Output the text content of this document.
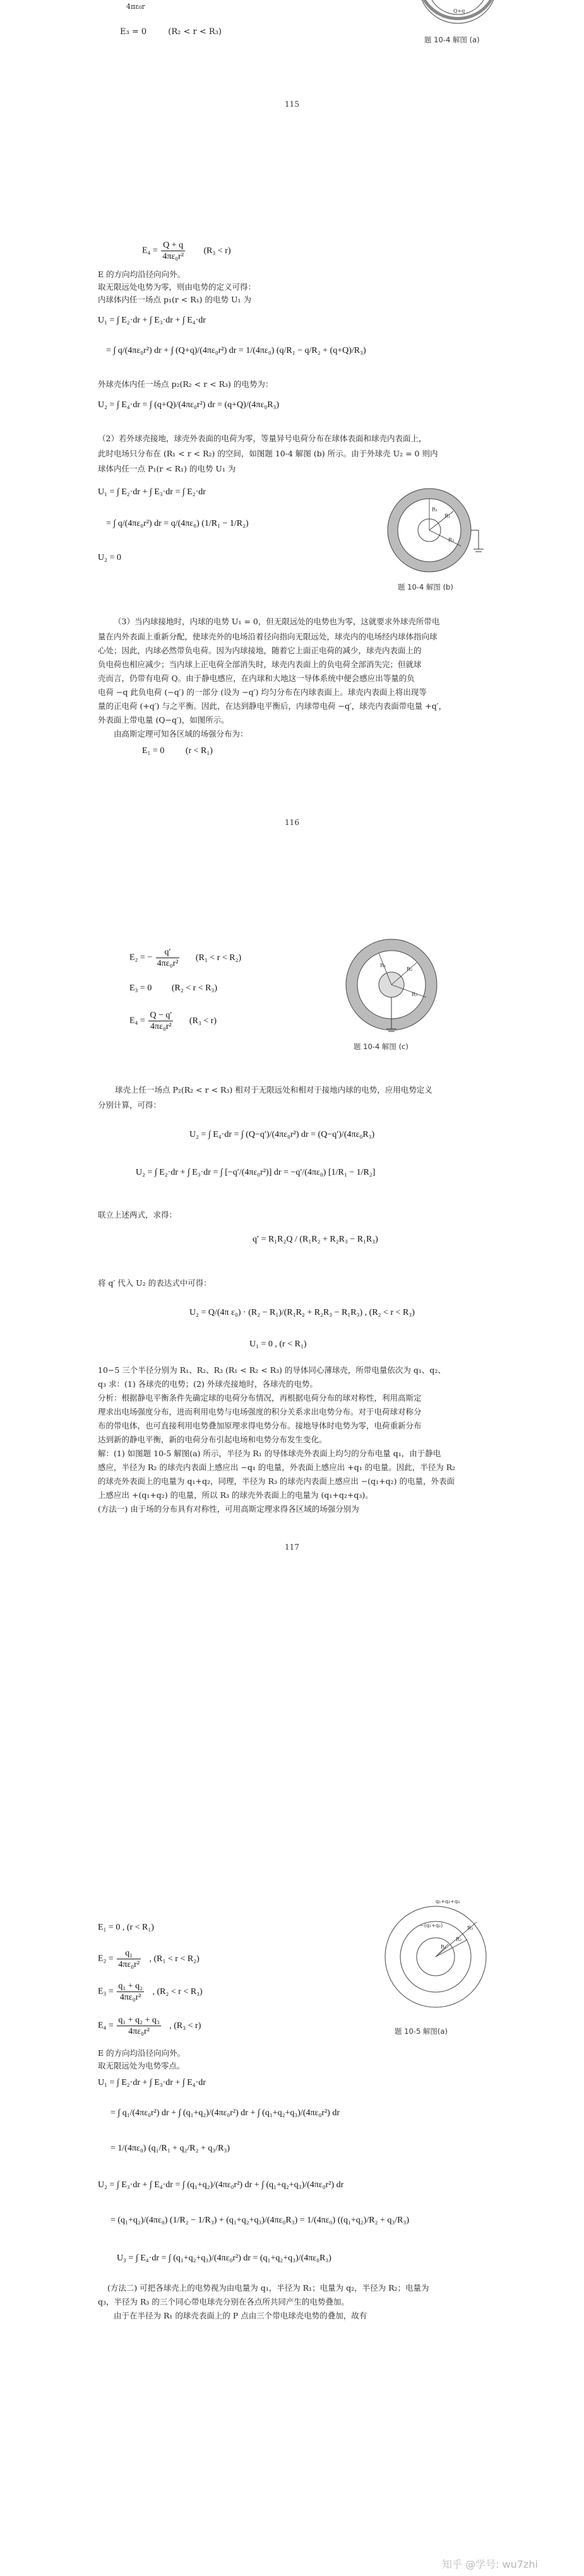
4πε₀r
E₃ = 0	(R₂ < r < R₃)
Q+q
题 10-4 解图 (a)
115
$E_4 = \frac{Q + q}{\text{4πε₀r²}} (R_3 < r)$
E 的方向均沿径向向外。
取无限远处电势为零，则由电势的定义可得：
内球体内任一场点 p₁(r < R₁) 的电势 U₁ 为
U₁ = ∫ E₂·dr + ∫ E₃·dr + ∫ E₄·dr
= ∫ q/(4πε₀r²) dr + ∫ (Q+q)/(4πε₀r²) dr = 1/(4πε₀) (q/R₁ − q/R₂ + (q+Q)/R₃)
外球壳体内任一场点 p₂(R₂ < r < R₃) 的电势为：
U₂ = ∫ E₄·dr = ∫ (q+Q)/(4πε₀r²) dr = (q+Q)/(4πε₀R₃)
（2）若外球壳接地，球壳外表面的电荷为零，等量异号电荷分布在球体表面和球壳内表面上，
此时电场只分布在 (R₁ < r < R₂) 的空间，如图题 10-4 解图 (b) 所示。由于外球壳 U₂ = 0 则内
球体内任一点 P₁(r < R₁) 的电势 U₁ 为
U₁ = ∫ E₂·dr + ∫ E₃·dr = ∫ E₂·dr
= ∫ q/(4πε₀r²) dr = q/(4πε₀) (1/R₁ − 1/R₂)
U₂ = 0
R₁
R₂
R₃
题 10-4 解图 (b)
（3）当内球接地时，内球的电势 U₁ = 0，但无限远处的电势也为零，这就要求外球壳所带电
量在内外表面上重新分配，使球壳外的电场沿着径向指向无限远处，球壳内的电场经内球体指向球
心处；因此，内球必然带负电荷。因为内球接地，随着它上面正电荷的减少，球壳内表面上的
负电荷也相应减少；当内球上正电荷全部消失时，球壳内表面上的负电荷全部消失完；但就球
壳而言，仍带有电荷 Q。由于静电感应，在内球和大地这一导体系统中便会感应出等量的负
电荷 −q 此负电荷 (−q′) 的一部分 (设为 −q′) 均匀分布在内球表面上。球壳内表面上将出现等
量的正电荷 (+q′) 与之平衡。因此，在达到静电平衡后，内球带电荷 −q′，球壳内表面带电量 +q′，
外表面上带电量 (Q−q′)，如图所示。
由高斯定理可知各区域的场强分布为：
E₁ = 0 (r < R₁)
116
E₂ = − $\frac{q'}{\text{4πε₀r²}} (R_1 < r < R_2)$
E₃ = 0 (R₂ < r < R₃)
$E_4 = \frac{Q - q'}{\text{4πε₀r²}} (R_3 < r)$
R₁
R₂
R₃
题 10-4 解图 (c)
球壳上任一场点 P₂(R₂ < r < R₃) 相对于无限远处和相对于接地内球的电势，应用电势定义
分别计算，可得：
U₂ = ∫ E₄·dr = ∫ (Q−q′)/(4πε₀r²) dr = (Q−q′)/(4πε₀R₃)
U₂ = ∫ E₂·dr + ∫ E₃·dr = ∫ [−q′/(4πε₀r²)] dr = −q′/(4πε₀) [1/R₁ − 1/R₂]
联立上述两式，求得：
q′ = R₁R₂Q / (R₁R₂ + R₂R₃ − R₁R₃)
将 q′ 代入 U₂ 的表达式中可得：
U₂ = Q/(4π ε₀) · (R₂ − R₁)/(R₁R₂ + R₂R₃ − R₁R₃) , (R₂ < r < R₃)
U₁ = 0 , (r < R₁)
10−5 三个半径分别为 R₁、R₂、R₃ (R₁ < R₂ < R₃) 的导体同心薄球壳，所带电量依次为 q₁、q₂、
q₃ 求：(1) 各球壳的电势；(2) 外球壳接地时，各球壳的电势。
分析：根据静电平衡条件先确定球的电荷分布情况，再根据电荷分布的球对称性，利用高斯定
理求出电场强度分布，进而利用电势与电场强度的积分关系求出电势分布。对于电荷球对称分
布的带电体，也可直接利用电势叠加原理求得电势分布。接地导体时电势为零，电荷重新分布
达到新的静电平衡，新的电荷分布引起电场和电势分布发生变化。
解：(1) 如图题 10-5 解图(a) 所示，半径为 R₁ 的导体球壳外表面上均匀的分布电量 q₁，由于静电
感应，半径为 R₂ 的球壳内表面上感应出 −q₁ 的电量，外表面上感应出 +q₁ 的电量。因此，半径为 R₂
的球壳外表面上的电量为 q₁+q₂，同理，半径为 R₃ 的球壳内表面上感应出 −(q₁+q₂) 的电量，外表面
上感应出 +(q₁+q₂) 的电量，所以 R₃ 的球壳外表面上的电量为 (q₁+q₂+q₃)。
(方法一) 由于场的分布具有对称性，可用高斯定理求得各区域的场强分别为
117
E₁ = 0 , (r < R₁)
$E_2 = \frac{\text{q₁}}{\text{4πε₀r²}}$ , (R₁ < r < R₂)
$E_3 = \frac{\text{q₁ + q₂}}{\text{4πε₀r²}}$ , (R₂ < r < R₃)
$E_4 = \frac{\text{q₁ + q₂ + q₃}}{\text{4πε₀r²}}$ , (R₃ < r)
R₁
R₂
R₃
q₁+q₂+q₃
−(q₁+q₂)
题 10-5 解图(a)
E 的方向均沿径向向外。
取无限远处为电势零点。
U₁ = ∫ E₂·dr + ∫ E₃·dr + ∫ E₄·dr
= ∫ q₁/(4πε₀r²) dr + ∫ (q₁+q₂)/(4πε₀r²) dr + ∫ (q₁+q₂+q₃)/(4πε₀r²) dr
= 1/(4πε₀) (q₁/R₁ + q₂/R₂ + q₃/R₃)
U₂ = ∫ E₃·dr + ∫ E₄·dr = ∫ (q₁+q₂)/(4πε₀r²) dr + ∫ (q₁+q₂+q₃)/(4πε₀r²) dr
= (q₁+q₂)/(4πε₀) (1/R₂ − 1/R₃) + (q₁+q₂+q₃)/(4πε₀R₃) = 1/(4πε₀) ((q₁+q₂)/R₂ + q₃/R₃)
U₃ = ∫ E₄·dr = ∫ (q₁+q₂+q₃)/(4πε₀r²) dr = (q₁+q₂+q₃)/(4πε₀R₃)
(方法二) 可把各球壳上的电势视为由电量为 q₁，半径为 R₁；电量为 q₂，半径为 R₂；电量为
q₃，半径为 R₃ 的三个同心带电球壳分别在各点所共同产生的电势叠加。
由于在半径为 R₁ 的球壳表面上的 P 点由三个带电球壳电势的叠加，故有
知乎 @学号: wu7zhi
